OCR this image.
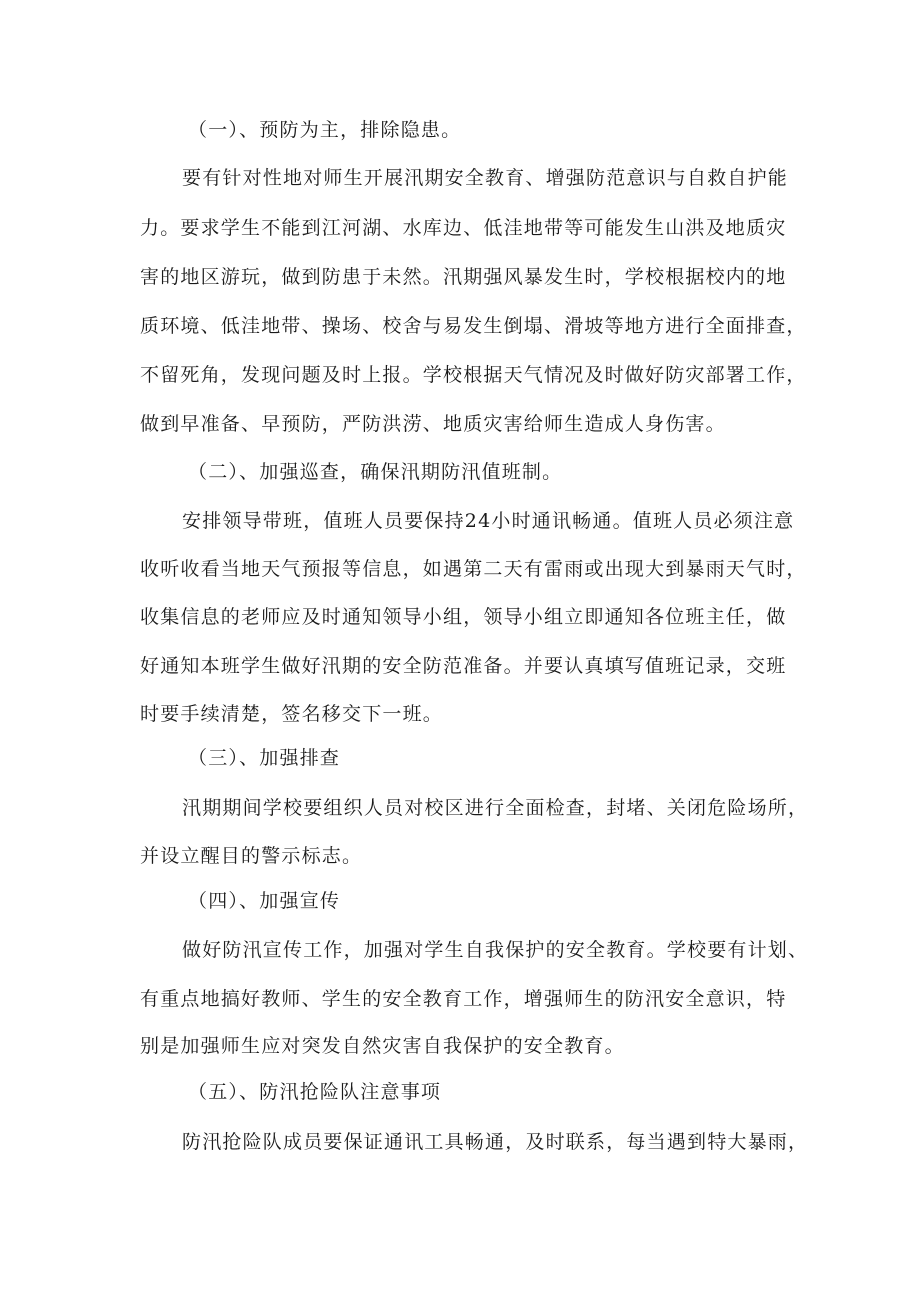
（一）、预防为主，排除隐患。
要有针对性地对师生开展汛期安全教育、增强防范意识与自救自护能
力。要求学生不能到江河湖、水库边、低洼地带等可能发生山洪及地质灾
害的地区游玩，做到防患于未然。汛期强风暴发生时，学校根据校内的地
质环境、低洼地带、操场、校舍与易发生倒塌、滑坡等地方进行全面排查，
不留死角，发现问题及时上报。学校根据天气情况及时做好防灾部署工作，
做到早准备、早预防，严防洪涝、地质灾害给师生造成人身伤害。
（二）、加强巡查，确保汛期防汛值班制。
安排领导带班，值班人员要保持24小时通讯畅通。值班人员必须注意
收听收看当地天气预报等信息，如遇第二天有雷雨或出现大到暴雨天气时，
收集信息的老师应及时通知领导小组，领导小组立即通知各位班主任，做
好通知本班学生做好汛期的安全防范准备。并要认真填写值班记录，交班
时要手续清楚，签名移交下一班。
（三）、加强排查
汛期期间学校要组织人员对校区进行全面检查，封堵、关闭危险场所，
并设立醒目的警示标志。
（四）、加强宣传
做好防汛宣传工作，加强对学生自我保护的安全教育。学校要有计划、
有重点地搞好教师、学生的安全教育工作，增强师生的防汛安全意识，特
别是加强师生应对突发自然灾害自我保护的安全教育。
（五）、防汛抢险队注意事项
防汛抢险队成员要保证通讯工具畅通，及时联系，每当遇到特大暴雨，
